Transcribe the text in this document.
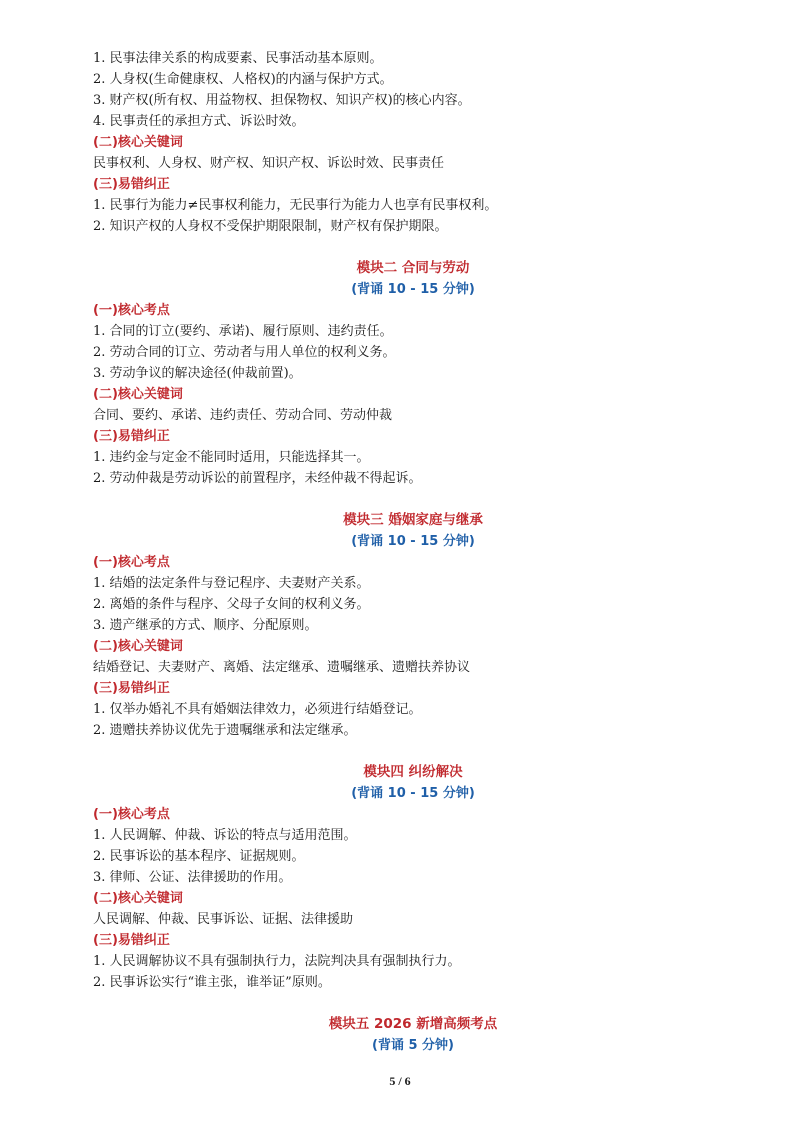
1. 民事法律关系的构成要素、民事活动基本原则。
2. 人身权(生命健康权、人格权)的内涵与保护方式。
3. 财产权(所有权、用益物权、担保物权、知识产权)的核心内容。
4. 民事责任的承担方式、诉讼时效。
(二)核心关键词
民事权利、人身权、财产权、知识产权、诉讼时效、民事责任
(三)易错纠正
1. 民事行为能力≠民事权利能力，无民事行为能力人也享有民事权利。
2. 知识产权的人身权不受保护期限限制，财产权有保护期限。
模块二 合同与劳动
(背诵 10 - 15 分钟)
(一)核心考点
1. 合同的订立(要约、承诺)、履行原则、违约责任。
2. 劳动合同的订立、劳动者与用人单位的权利义务。
3. 劳动争议的解决途径(仲裁前置)。
(二)核心关键词
合同、要约、承诺、违约责任、劳动合同、劳动仲裁
(三)易错纠正
1. 违约金与定金不能同时适用，只能选择其一。
2. 劳动仲裁是劳动诉讼的前置程序，未经仲裁不得起诉。
模块三 婚姻家庭与继承
(背诵 10 - 15 分钟)
(一)核心考点
1. 结婚的法定条件与登记程序、夫妻财产关系。
2. 离婚的条件与程序、父母子女间的权利义务。
3. 遗产继承的方式、顺序、分配原则。
(二)核心关键词
结婚登记、夫妻财产、离婚、法定继承、遗嘱继承、遗赠扶养协议
(三)易错纠正
1. 仅举办婚礼不具有婚姻法律效力，必须进行结婚登记。
2. 遗赠扶养协议优先于遗嘱继承和法定继承。
模块四 纠纷解决
(背诵 10 - 15 分钟)
(一)核心考点
1. 人民调解、仲裁、诉讼的特点与适用范围。
2. 民事诉讼的基本程序、证据规则。
3. 律师、公证、法律援助的作用。
(二)核心关键词
人民调解、仲裁、民事诉讼、证据、法律援助
(三)易错纠正
1. 人民调解协议不具有强制执行力，法院判决具有强制执行力。
2. 民事诉讼实行“谁主张，谁举证”原则。
模块五 2026 新增高频考点
(背诵 5 分钟)
5 / 6
